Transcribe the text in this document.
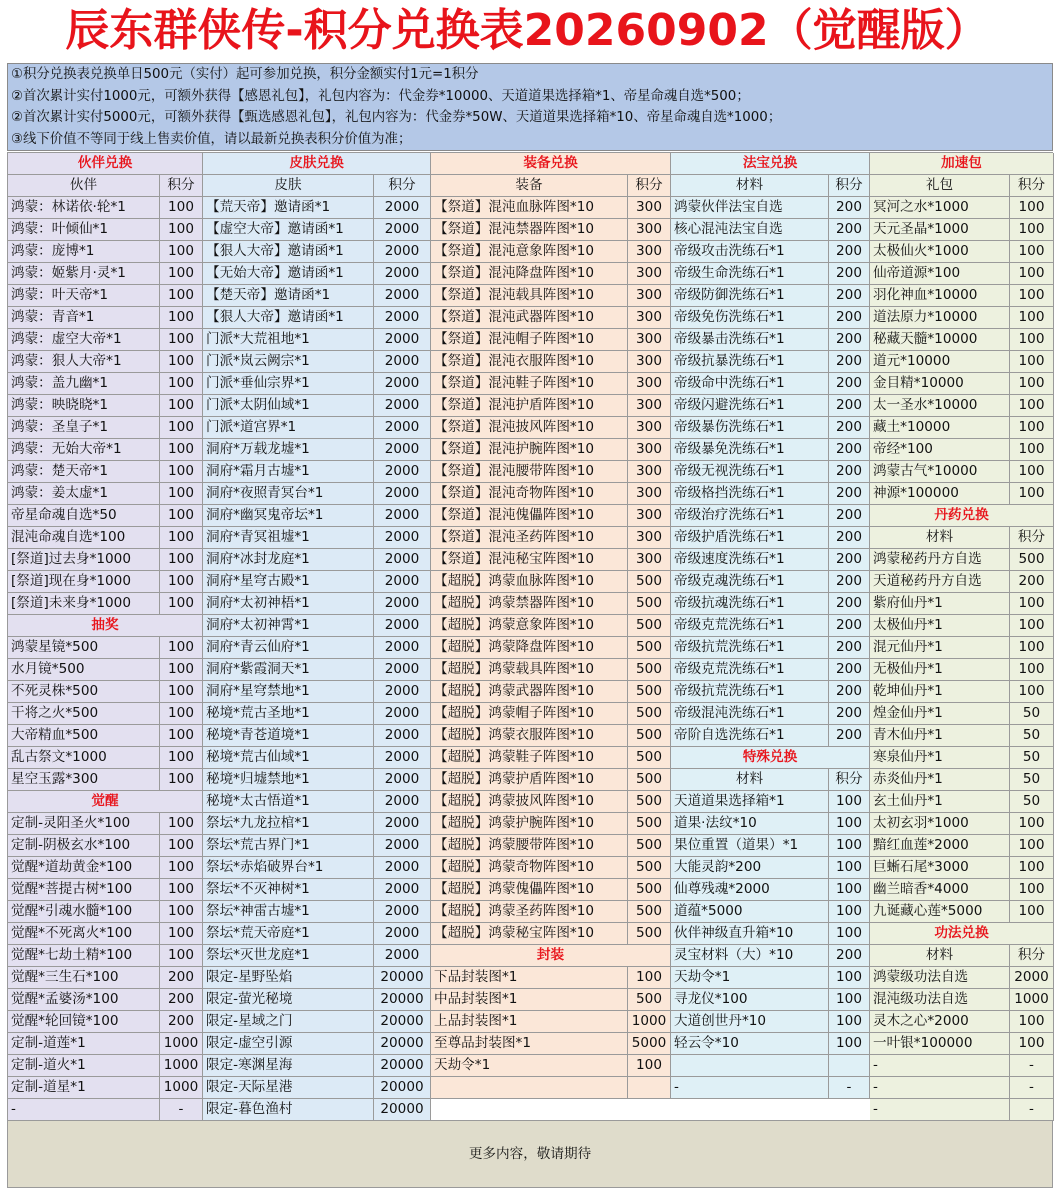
辰东群侠传-积分兑换表20260902（觉醒版）
①积分兑换表兑换单日500元（实付）起可参加兑换，积分金额实付1元=1积分
②首次累计实付1000元，可额外获得【感恩礼包】，礼包内容为：代金券*10000、天道道果选择箱*1、帝星命魂自选*500；
②首次累计实付5000元，可额外获得【甄选感恩礼包】，礼包内容为：代金券*50W、天道道果选择箱*10、帝星命魂自选*1000；
③线下价值不等同于线上售卖价值，请以最新兑换表积分价值为准；
伙伴兑换
伙伴	积分
鸿蒙：林诺依·轮*1	100
鸿蒙：叶倾仙*1	100
鸿蒙：庞博*1	100
鸿蒙：姬紫月·灵*1	100
鸿蒙：叶天帝*1	100
鸿蒙：青音*1	100
鸿蒙：虚空大帝*1	100
鸿蒙：狠人大帝*1	100
鸿蒙：盖九幽*1	100
鸿蒙：映晓晓*1	100
鸿蒙：圣皇子*1	100
鸿蒙：无始大帝*1	100
鸿蒙：楚天帝*1	100
鸿蒙：姜太虚*1	100
帝星命魂自选*50	100
混沌命魂自选*100	100
[祭道]过去身*1000	100
[祭道]现在身*1000	100
[祭道]未来身*1000	100
抽奖
鸿蒙星镜*500	100
水月镜*500	100
不死灵株*500	100
干将之火*500	100
大帝精血*500	100
乱古祭文*1000	100
星空玉露*300	100
觉醒
定制-灵阳圣火*100	100
定制-阴极玄水*100	100
觉醒*道劫黄金*100	100
觉醒*菩提古树*100	100
觉醒*引魂水髓*100	100
觉醒*不死离火*100	100
觉醒*七劫土精*100	100
觉醒*三生石*100	200
觉醒*孟婆汤*100	200
觉醒*轮回镜*100	200
定制-道莲*1	1000
定制-道火*1	1000
定制-道星*1	1000
-	-
皮肤兑换
皮肤	积分
【荒天帝】邀请函*1	2000
【虚空大帝】邀请函*1	2000
【狠人大帝】邀请函*1	2000
【无始大帝】邀请函*1	2000
【楚天帝】邀请函*1	2000
【狠人大帝】邀请函*1	2000
门派*大荒祖地*1	2000
门派*岚云阙宗*1	2000
门派*垂仙宗界*1	2000
门派*太阴仙域*1	2000
门派*道宫界*1	2000
洞府*万载龙墟*1	2000
洞府*霜月古墟*1	2000
洞府*夜照青冥台*1	2000
洞府*幽冥鬼帝坛*1	2000
洞府*青冥祖墟*1	2000
洞府*冰封龙庭*1	2000
洞府*星穹古殿*1	2000
洞府*太初神梧*1	2000
洞府*太初神霄*1	2000
洞府*青云仙府*1	2000
洞府*紫霞洞天*1	2000
洞府*星穹禁地*1	2000
秘境*荒古圣地*1	2000
秘境*青苍道境*1	2000
秘境*荒古仙域*1	2000
秘境*归墟禁地*1	2000
秘境*太古悟道*1	2000
祭坛*九龙拉棺*1	2000
祭坛*荒古界门*1	2000
祭坛*赤焰破界台*1	2000
祭坛*不灭神树*1	2000
祭坛*神雷古墟*1	2000
祭坛*荒天帝庭*1	2000
祭坛*灭世龙庭*1	2000
限定-星野坠焰	20000
限定-萤光秘境	20000
限定-星域之门	20000
限定-虚空引源	20000
限定-寒渊星海	20000
限定-天际星港	20000
限定-暮色渔村	20000
装备兑换
装备	积分
【祭道】混沌血脉阵图*10	300
【祭道】混沌禁器阵图*10	300
【祭道】混沌意象阵图*10	300
【祭道】混沌降盘阵图*10	300
【祭道】混沌载具阵图*10	300
【祭道】混沌武器阵图*10	300
【祭道】混沌帽子阵图*10	300
【祭道】混沌衣服阵图*10	300
【祭道】混沌鞋子阵图*10	300
【祭道】混沌护盾阵图*10	300
【祭道】混沌披风阵图*10	300
【祭道】混沌护腕阵图*10	300
【祭道】混沌腰带阵图*10	300
【祭道】混沌奇物阵图*10	300
【祭道】混沌傀儡阵图*10	300
【祭道】混沌圣药阵图*10	300
【祭道】混沌秘宝阵图*10	300
【超脱】鸿蒙血脉阵图*10	500
【超脱】鸿蒙禁器阵图*10	500
【超脱】鸿蒙意象阵图*10	500
【超脱】鸿蒙降盘阵图*10	500
【超脱】鸿蒙载具阵图*10	500
【超脱】鸿蒙武器阵图*10	500
【超脱】鸿蒙帽子阵图*10	500
【超脱】鸿蒙衣服阵图*10	500
【超脱】鸿蒙鞋子阵图*10	500
【超脱】鸿蒙护盾阵图*10	500
【超脱】鸿蒙披风阵图*10	500
【超脱】鸿蒙护腕阵图*10	500
【超脱】鸿蒙腰带阵图*10	500
【超脱】鸿蒙奇物阵图*10	500
【超脱】鸿蒙傀儡阵图*10	500
【超脱】鸿蒙圣药阵图*10	500
【超脱】鸿蒙秘宝阵图*10	500
封装
下品封装图*1	100
中品封装图*1	500
上品封装图*1	1000
至尊品封装图*1	5000
天劫令*1	100
法宝兑换
材料	积分
鸿蒙伙伴法宝自选	200
核心混沌法宝自选	200
帝级攻击洗练石*1	200
帝级生命洗练石*1	200
帝级防御洗练石*1	200
帝级免伤洗练石*1	200
帝级暴击洗练石*1	200
帝级抗暴洗练石*1	200
帝级命中洗练石*1	200
帝级闪避洗练石*1	200
帝级暴伤洗练石*1	200
帝级暴免洗练石*1	200
帝级无视洗练石*1	200
帝级格挡洗练石*1	200
帝级治疗洗练石*1	200
帝级护盾洗练石*1	200
帝级速度洗练石*1	200
帝级克魂洗练石*1	200
帝级抗魂洗练石*1	200
帝级克荒洗练石*1	200
帝级抗荒洗练石*1	200
帝级克荒洗练石*1	200
帝级抗荒洗练石*1	200
帝级混沌洗练石*1	200
帝阶自选洗练石*1	200
特殊兑换
材料	积分
天道道果选择箱*1	100
道果·法纹*10	100
果位重置（道果）*1	100
大能灵韵*200	100
仙尊残魂*2000	100
道蕴*5000	100
伙伴神级直升箱*10	100
灵宝材料（大）*10	200
天劫令*1	100
寻龙仪*100	100
大道创世丹*10	100
轻云令*10	100
-	-
加速包
礼包	积分
冥河之水*1000	100
天元圣晶*1000	100
太极仙火*1000	100
仙帝道源*100	100
羽化神血*10000	100
道法原力*10000	100
秘藏天髓*10000	100
道元*10000	100
金目精*10000	100
太一圣水*10000	100
藏土*10000	100
帝经*100	100
鸿蒙古气*10000	100
神源*100000	100
丹药兑换
材料	积分
鸿蒙秘药丹方自选	500
天道秘药丹方自选	200
紫府仙丹*1	100
太极仙丹*1	100
混元仙丹*1	100
无极仙丹*1	100
乾坤仙丹*1	100
煌金仙丹*1	50
青木仙丹*1	50
寒泉仙丹*1	50
赤炎仙丹*1	50
玄土仙丹*1	50
太初玄羽*1000	100
黯红血莲*2000	100
巨蜥石尾*3000	100
幽兰暗香*4000	100
九诞藏心莲*5000	100
功法兑换
材料	积分
鸿蒙级功法自选	2000
混沌级功法自选	1000
灵木之心*2000	100
一叶银*100000	100
-	-
-	-
-	-
更多内容，敬请期待
